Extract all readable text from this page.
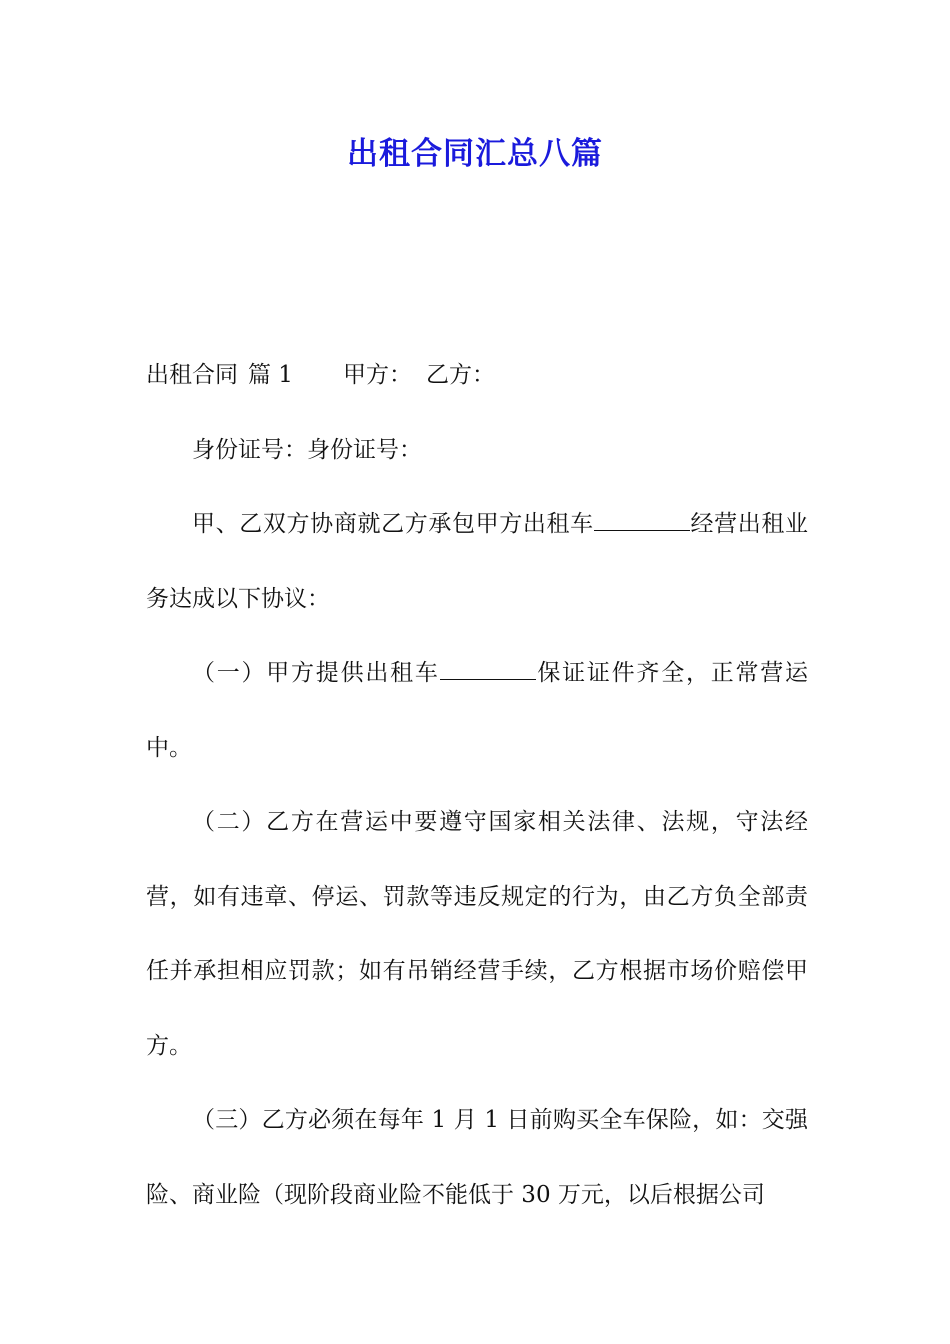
出租合同汇总八篇

出租合同 篇 1 甲方： 乙方：

身份证号：身份证号：

甲、乙双方协商就乙方承包甲方出租车	经营出租业务达成以下协议：

（一）甲方提供出租车	保证证件齐全，正常营运中。

（二）乙方在营运中要遵守国家相关法律、法规，守法经营，如有违章、停运、罚款等违反规定的行为，由乙方负全部责任并承担相应罚款；如有吊销经营手续，乙方根据市场价赔偿甲方。

（三）乙方必须在每年 1 月 1 日前购买全车保险，如：交强险、商业险（现阶段商业险不能低于 30 万元，以后根据公司
